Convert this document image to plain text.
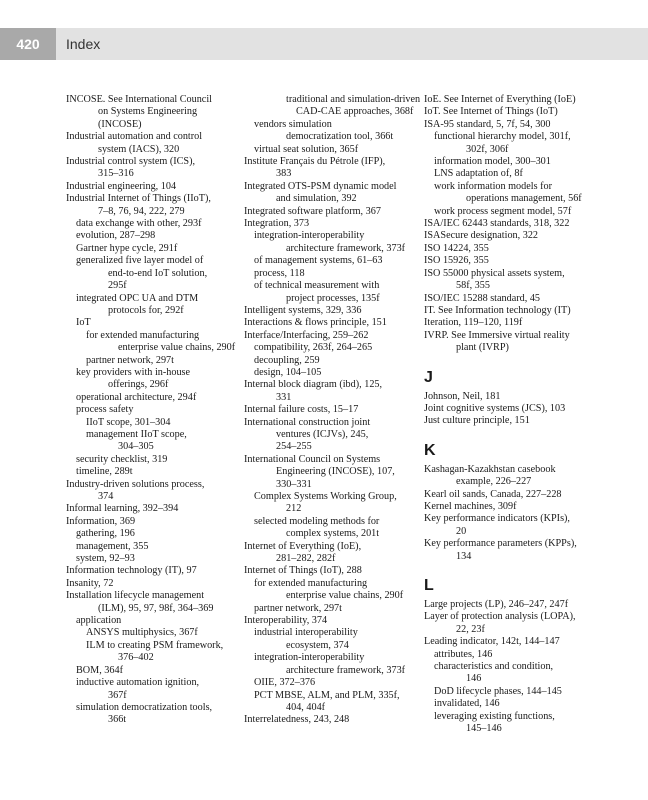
420	Index
INCOSE. See International Council
on Systems Engineering
(INCOSE)
Industrial automation and control
system (IACS), 320
Industrial control system (ICS),
315–316
Industrial engineering, 104
Industrial Internet of Things (IIoT),
7–8, 76, 94, 222, 279
data exchange with other, 293f
evolution, 287–298
Gartner hype cycle, 291f
generalized five layer model of
end-to-end IoT solution,
295f
integrated OPC UA and DTM
protocols for, 292f
IoT
for extended manufacturing
enterprise value chains, 290f
partner network, 297t
key providers with in-house
offerings, 296f
operational architecture, 294f
process safety
IIoT scope, 301–304
management IIoT scope,
304–305
security checklist, 319
timeline, 289t
Industry-driven solutions process,
374
Informal learning, 392–394
Information, 369
gathering, 196
management, 355
system, 92–93
Information technology (IT), 97
Insanity, 72
Installation lifecycle management
(ILM), 95, 97, 98f, 364–369
application
ANSYS multiphysics, 367f
ILM to creating PSM framework,
376–402
BOM, 364f
inductive automation ignition,
367f
simulation democratization tools,
366t
traditional and simulation-driven
CAD-CAE approaches, 368f
vendors simulation
democratization tool, 366t
virtual seat solution, 365f
Institute Français du Pétrole (IFP),
383
Integrated OTS-PSM dynamic model
and simulation, 392
Integrated software platform, 367
Integration, 373
integration-interoperability
architecture framework, 373f
of management systems, 61–63
process, 118
of technical measurement with
project processes, 135f
Intelligent systems, 329, 336
Interactions & flows principle, 151
Interface/Interfacing, 259–262
compatibility, 263f, 264–265
decoupling, 259
design, 104–105
Internal block diagram (ibd), 125,
331
Internal failure costs, 15–17
International construction joint
ventures (ICJVs), 245,
254–255
International Council on Systems
Engineering (INCOSE), 107,
330–331
Complex Systems Working Group,
212
selected modeling methods for
complex systems, 201t
Internet of Everything (IoE),
281–282, 282f
Internet of Things (IoT), 288
for extended manufacturing
enterprise value chains, 290f
partner network, 297t
Interoperability, 374
industrial interoperability
ecosystem, 374
integration-interoperability
architecture framework, 373f
OIIE, 372–376
PCT MBSE, ALM, and PLM, 335f,
404, 404f
Interrelatedness, 243, 248
IoE. See Internet of Everything (IoE)
IoT. See Internet of Things (IoT)
ISA-95 standard, 5, 7f, 54, 300
functional hierarchy model, 301f,
302f, 306f
information model, 300–301
LNS adaptation of, 8f
work information models for
operations management, 56f
work process segment model, 57f
ISA/IEC 62443 standards, 318, 322
ISASecure designation, 322
ISO 14224, 355
ISO 15926, 355
ISO 55000 physical assets system,
58f, 355
ISO/IEC 15288 standard, 45
IT. See Information technology (IT)
Iteration, 119–120, 119f
IVRP. See Immersive virtual reality
plant (IVRP)
J
Johnson, Neil, 181
Joint cognitive systems (JCS), 103
Just culture principle, 151
K
Kashagan-Kazakhstan casebook
example, 226–227
Kearl oil sands, Canada, 227–228
Kernel machines, 309f
Key performance indicators (KPIs),
20
Key performance parameters (KPPs),
134
L
Large projects (LP), 246–247, 247f
Layer of protection analysis (LOPA),
22, 23f
Leading indicator, 142t, 144–147
attributes, 146
characteristics and condition,
146
DoD lifecycle phases, 144–145
invalidated, 146
leveraging existing functions,
145–146
